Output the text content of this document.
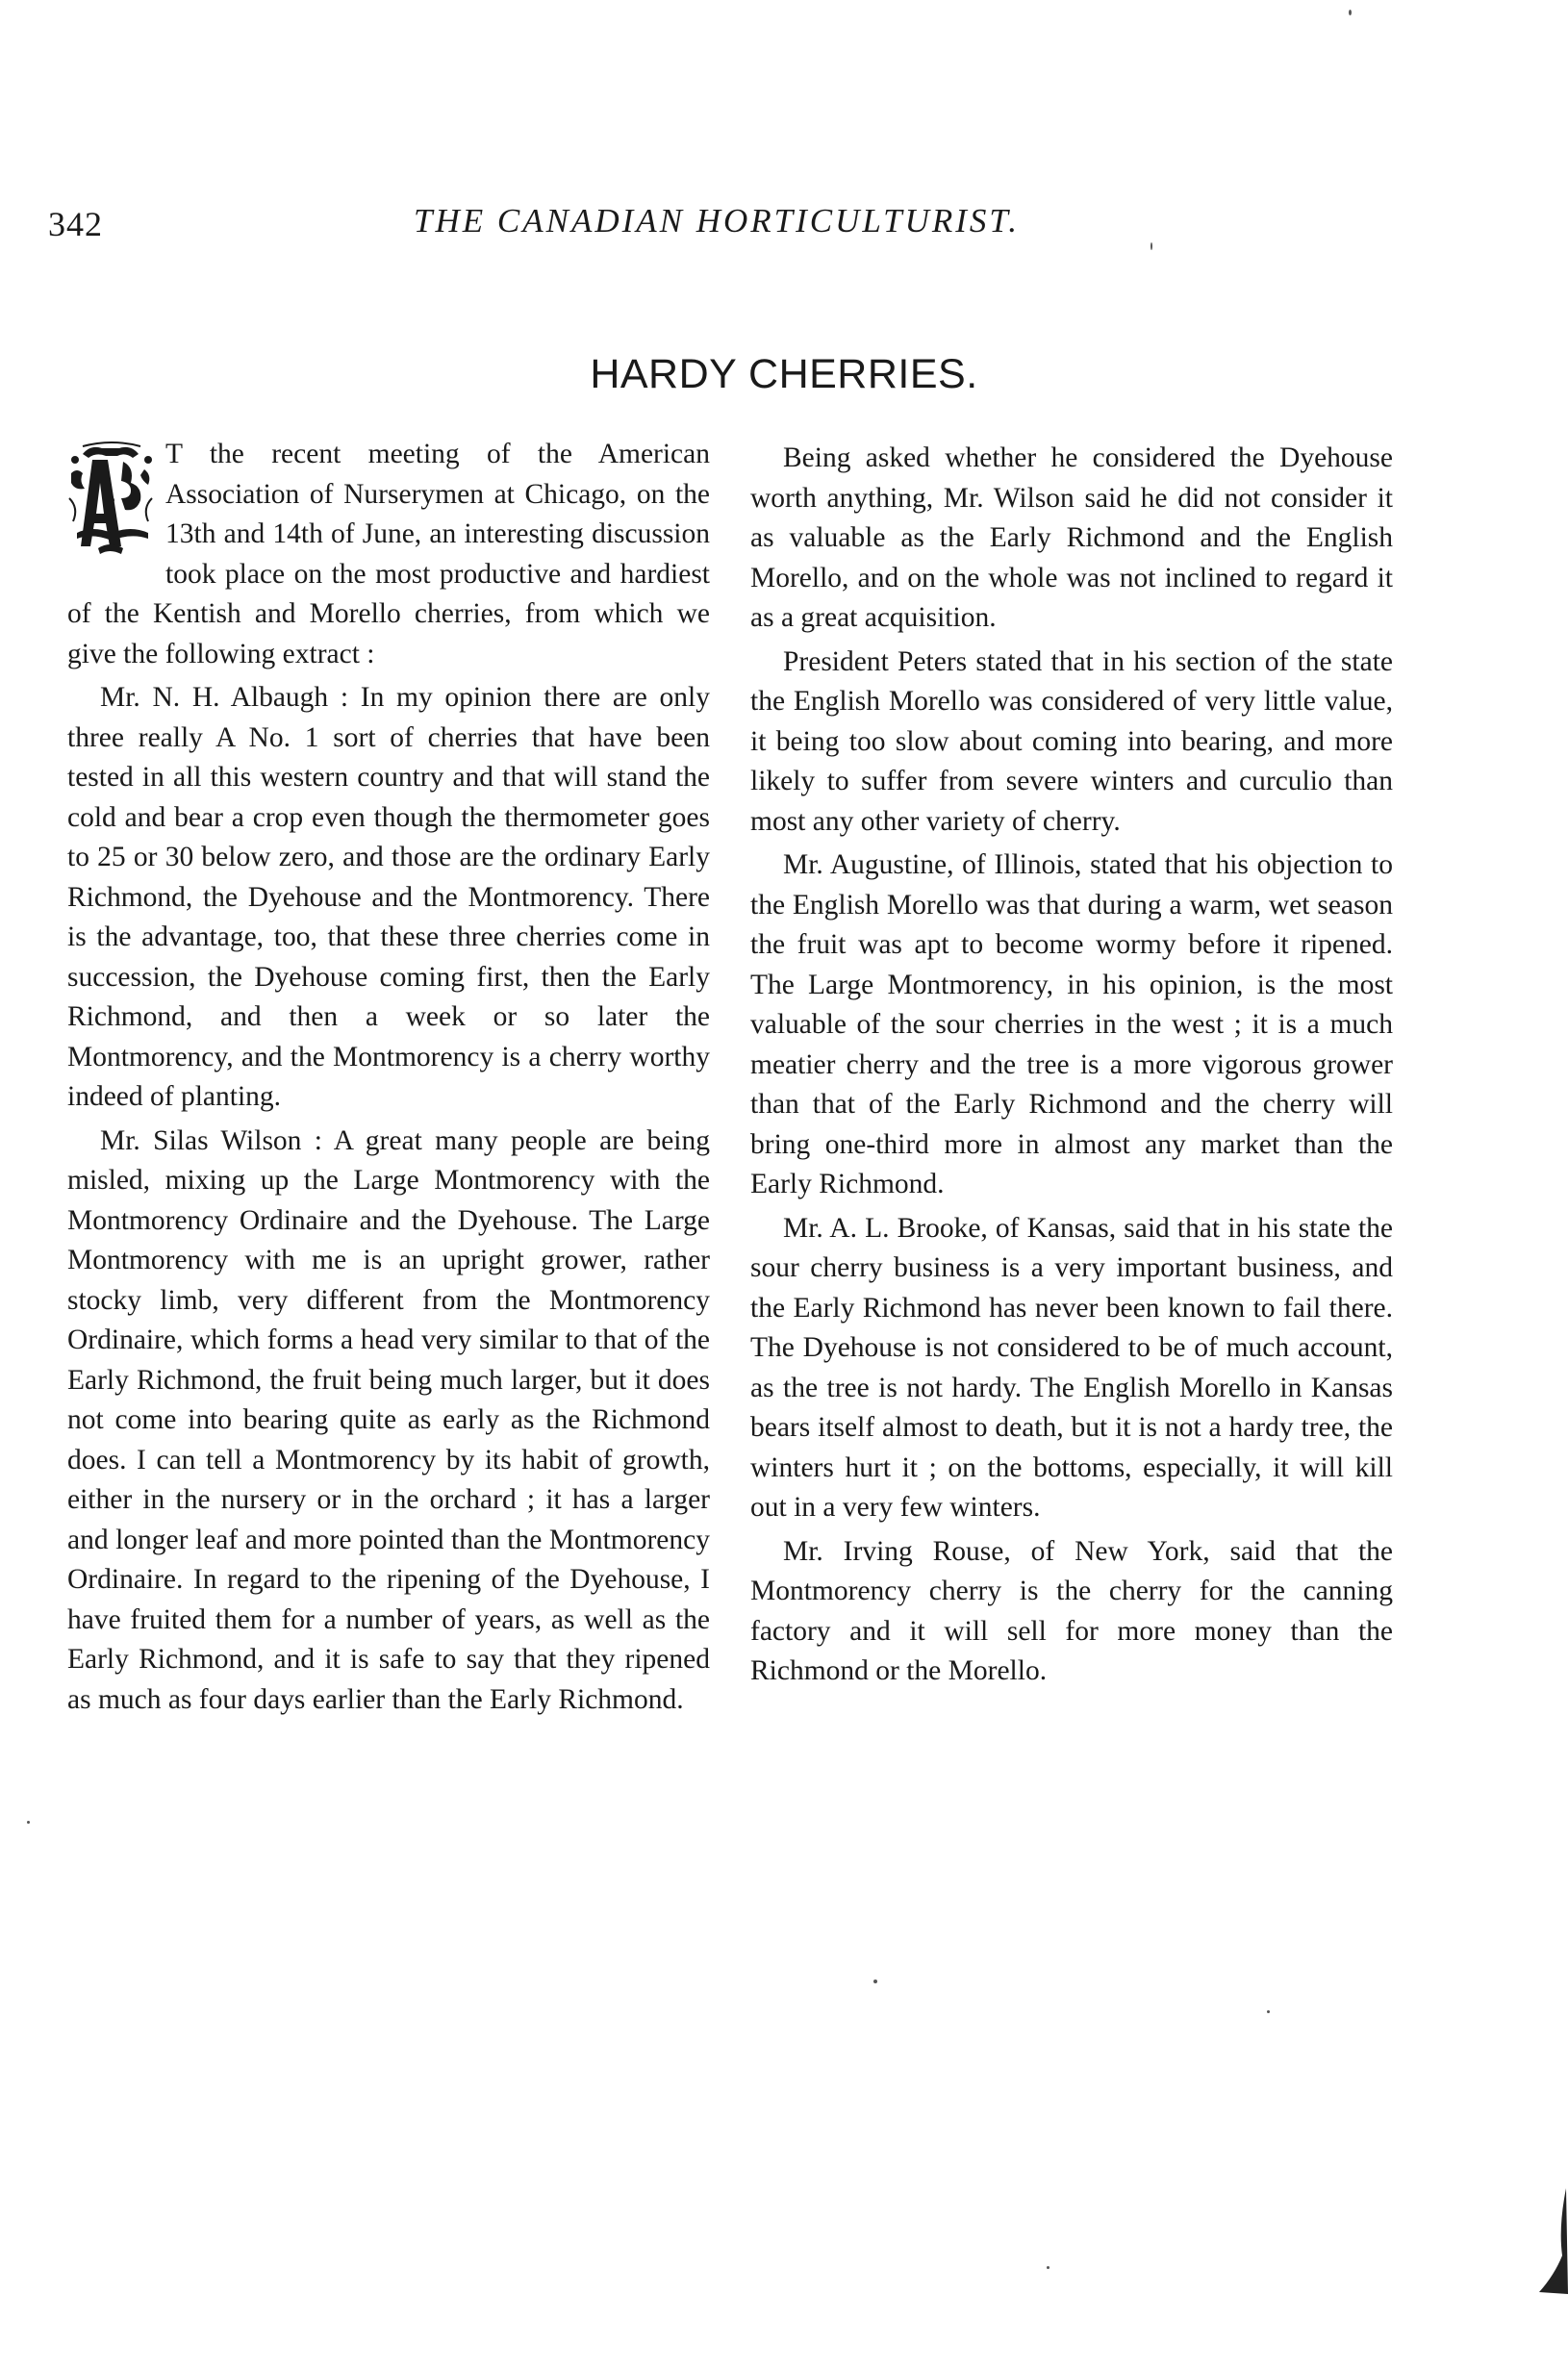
342	THE CANADIAN HORTICULTURIST.
HARDY CHERRIES.

T the recent meeting of the American Association of Nurserymen at Chicago, on the 13th and 14th of June, an interesting discussion took place on the most productive and hardiest of the Kentish and Morello cherries, from which we give the following extract :

Mr. N. H. Albaugh : In my opinion there are only three really A No. 1 sort of cherries that have been tested in all this western country and that will stand the cold and bear a crop even though the thermometer goes to 25 or 30 below zero, and those are the ordinary Early Richmond, the Dyehouse and the Montmorency. There is the advantage, too, that these three cherries come in succession, the Dyehouse coming first, then the Early Richmond, and then a week or so later the Montmorency, and the Montmorency is a cherry worthy indeed of planting.

Mr. Silas Wilson : A great many people are being misled, mixing up the Large Montmorency with the Montmorency Ordinaire and the Dyehouse. The Large Montmorency with me is an upright grower, rather stocky limb, very different from the Montmorency Ordinaire, which forms a head very similar to that of the Early Richmond, the fruit being much larger, but it does not come into bearing quite as early as the Richmond does. I can tell a Montmorency by its habit of growth, either in the nursery or in the orchard ; it has a larger and longer leaf and more pointed than the Montmorency Ordinaire. In regard to the ripening of the Dyehouse, I have fruited them for a number of years, as well as the Early Richmond, and it is safe to say that they ripened as much as four days earlier than the Early Richmond.

Being asked whether he considered the Dyehouse worth anything, Mr. Wilson said he did not consider it as valuable as the Early Richmond and the English Morello, and on the whole was not inclined to regard it as a great acquisition.

President Peters stated that in his section of the state the English Morello was considered of very little value, it being too slow about coming into bearing, and more likely to suffer from severe winters and curculio than most any other variety of cherry.

Mr. Augustine, of Illinois, stated that his objection to the English Morello was that during a warm, wet season the fruit was apt to become wormy before it ripened. The Large Montmorency, in his opinion, is the most valuable of the sour cherries in the west ; it is a much meatier cherry and the tree is a more vigorous grower than that of the Early Richmond and the cherry will bring one-third more in almost any market than the Early Richmond.

Mr. A. L. Brooke, of Kansas, said that in his state the sour cherry business is a very important business, and the Early Richmond has never been known to fail there. The Dyehouse is not considered to be of much account, as the tree is not hardy. The English Morello in Kansas bears itself almost to death, but it is not a hardy tree, the winters hurt it ; on the bottoms, especially, it will kill out in a very few winters.

Mr. Irving Rouse, of New York, said that the Montmorency cherry is the cherry for the canning factory and it will sell for more money than the Richmond or the Morello.
